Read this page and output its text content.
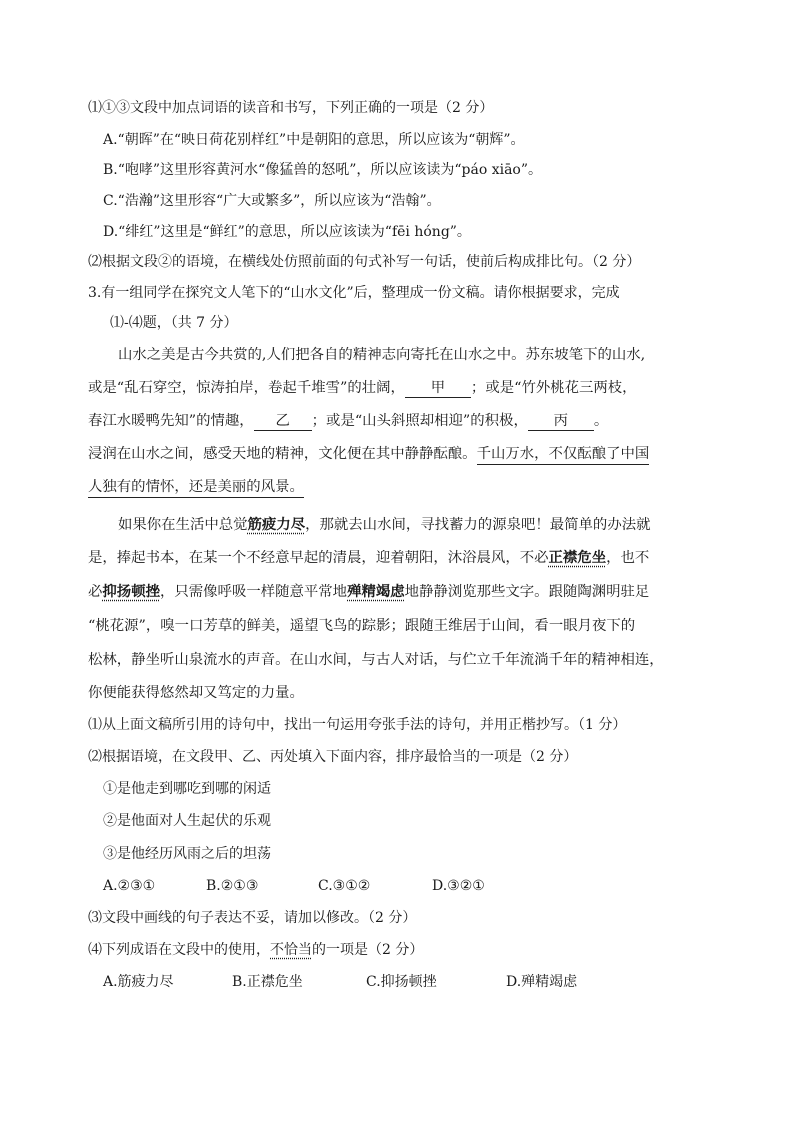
⑴①③文段中加点词语的读音和书写，下列正确的一项是（2 分）
A.“朝晖”在“映日荷花别样红”中是朝阳的意思，所以应该为“朝辉”。
B.“咆哮”这里形容黄河水“像猛兽的怒吼”，所以应该读为“páo xiāo”。
C.“浩瀚”这里形容“广大或繁多”，所以应该为“浩翰”。
D.“绯红”这里是“鲜红”的意思，所以应该读为“fēi hóng”。
⑵根据文段②的语境，在横线处仿照前面的句式补写一句话，使前后构成排比句。（2 分）
3.有一组同学在探究文人笔下的“山水文化”后，整理成一份文稿。请你根据要求，完成
⑴-⑷题，（共 7 分）
山水之美是古今共赏的,人们把各自的精神志向寄托在山水之中。苏东坡笔下的山水,
或是“乱石穿空，惊涛拍岸，卷起千堆雪”的壮阔， 甲 ；或是“竹外桃花三两枝，
春江水暖鸭先知”的情趣， 乙 ；或是“山头斜照却相迎”的积极， 丙 。
浸润在山水之间，感受天地的精神，文化便在其中静静酝酿。千山万水，不仅酝酿了中国
人独有的情怀，还是美丽的风景。
如果你在生活中总觉筋疲力尽，那就去山水间，寻找蓄力的源泉吧！最简单的办法就
是，捧起书本，在某一个不经意早起的清晨，迎着朝阳，沐浴晨风，不必正襟危坐，也不
必抑扬顿挫，只需像呼吸一样随意平常地殚精竭虑地静静浏览那些文字。跟随陶渊明驻足
“桃花源”，嗅一口芳草的鲜美，遥望飞鸟的踪影；跟随王维居于山间，看一眼月夜下的
松林，静坐听山泉流水的声音。在山水间，与古人对话，与伫立千年流淌千年的精神相连，
你便能获得悠然却又笃定的力量。
⑴从上面文稿所引用的诗句中，找出一句运用夸张手法的诗句，并用正楷抄写。（1 分）
⑵根据语境，在文段甲、乙、丙处填入下面内容，排序最恰当的一项是（2 分）
①是他走到哪吃到哪的闲适
②是他面对人生起伏的乐观
③是他经历风雨之后的坦荡
A.②③①	B.②①③	C.③①②	D.③②①
⑶文段中画线的句子表达不妥，请加以修改。（2 分）
⑷下列成语在文段中的使用，不恰当的一项是（2 分）
A.筋疲力尽	B.正襟危坐	C.抑扬顿挫	D.殚精竭虑
